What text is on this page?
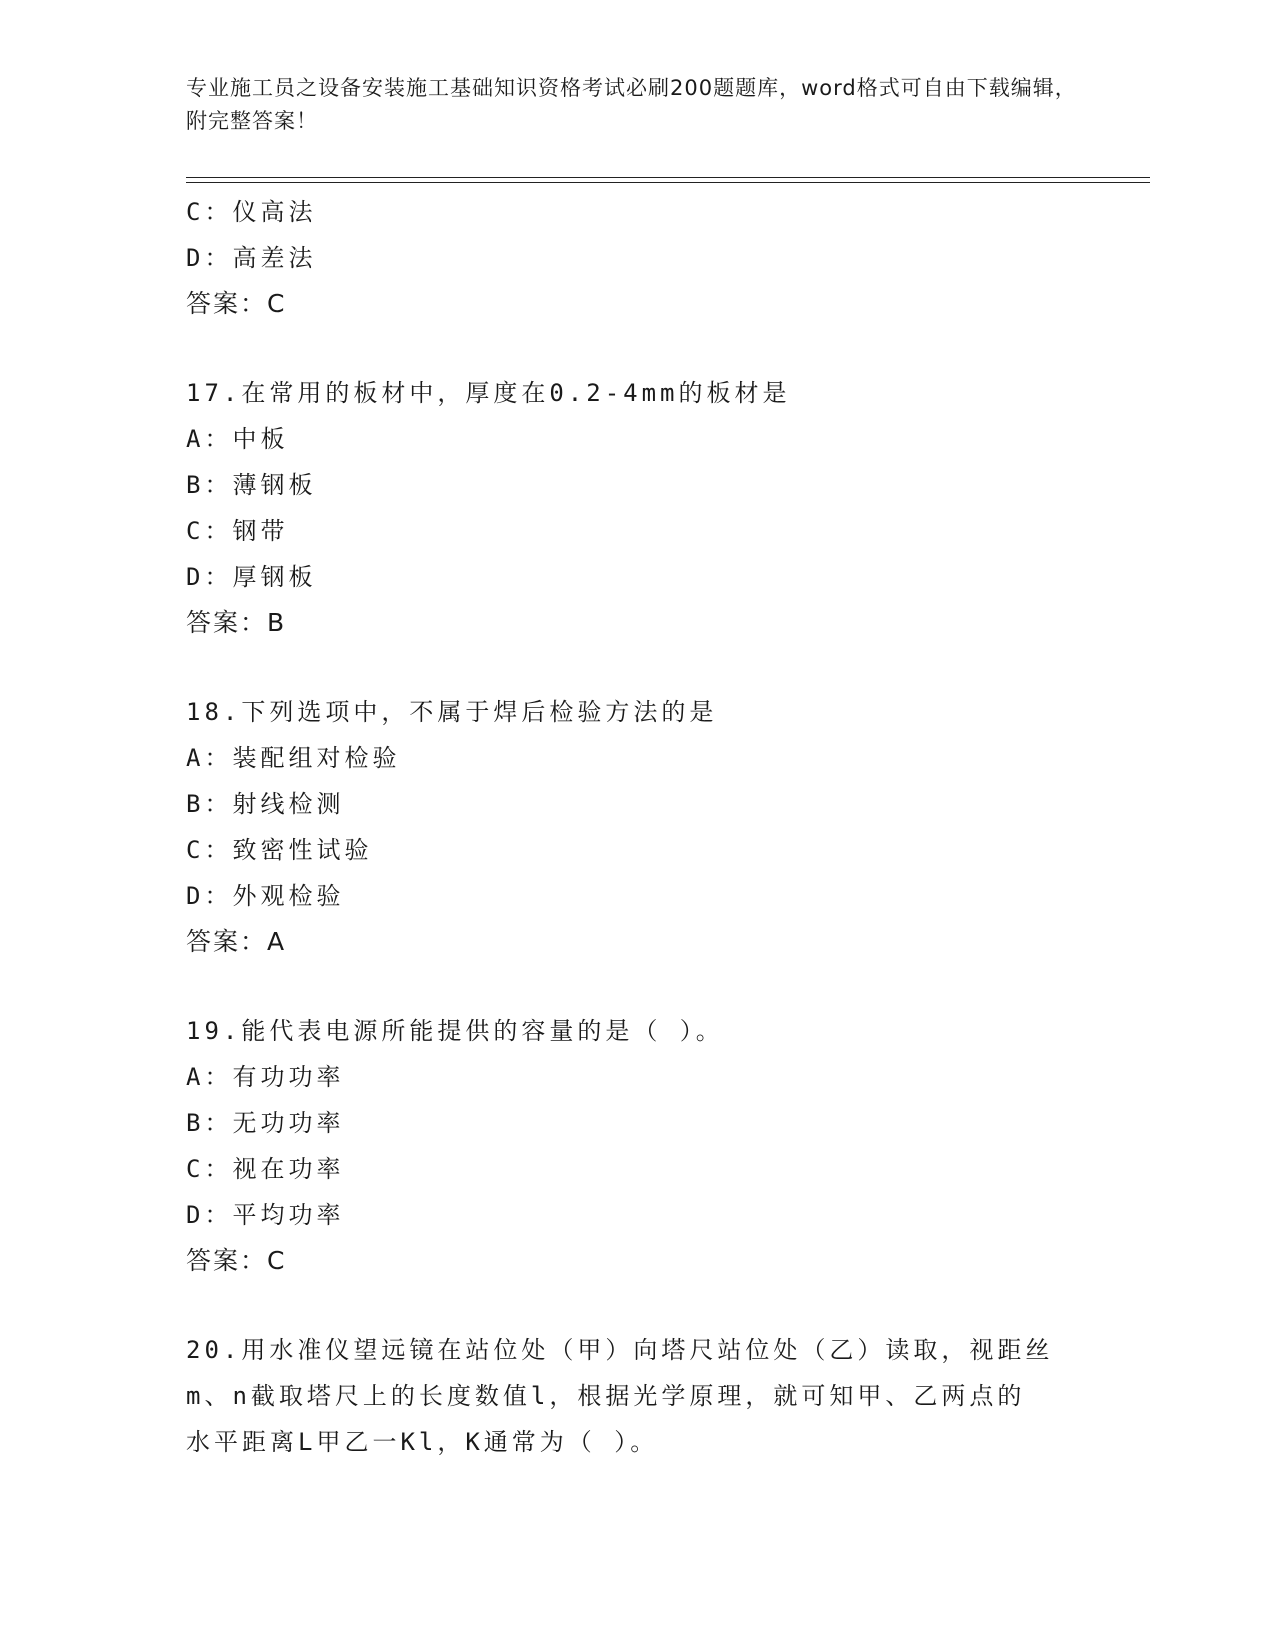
专业施工员之设备安装施工基础知识资格考试必刷200题题库，word格式可自由下载编辑，附完整答案！
C：仪高法
D：高差法
答案：C
17.在常用的板材中，厚度在0.2-4mm的板材是
A：中板
B：薄钢板
C：钢带
D：厚钢板
答案：B
18.下列选项中，不属于焊后检验方法的是
A：装配组对检验
B：射线检测
C：致密性试验
D：外观检验
答案：A
19.能代表电源所能提供的容量的是（ ）。
A：有功功率
B：无功功率
C：视在功率
D：平均功率
答案：C
20.用水准仪望远镜在站位处（甲）向塔尺站位处（乙）读取，视距丝
m、n截取塔尺上的长度数值l，根据光学原理，就可知甲、乙两点的
水平距离L甲乙一Kl，K通常为（ ）。
